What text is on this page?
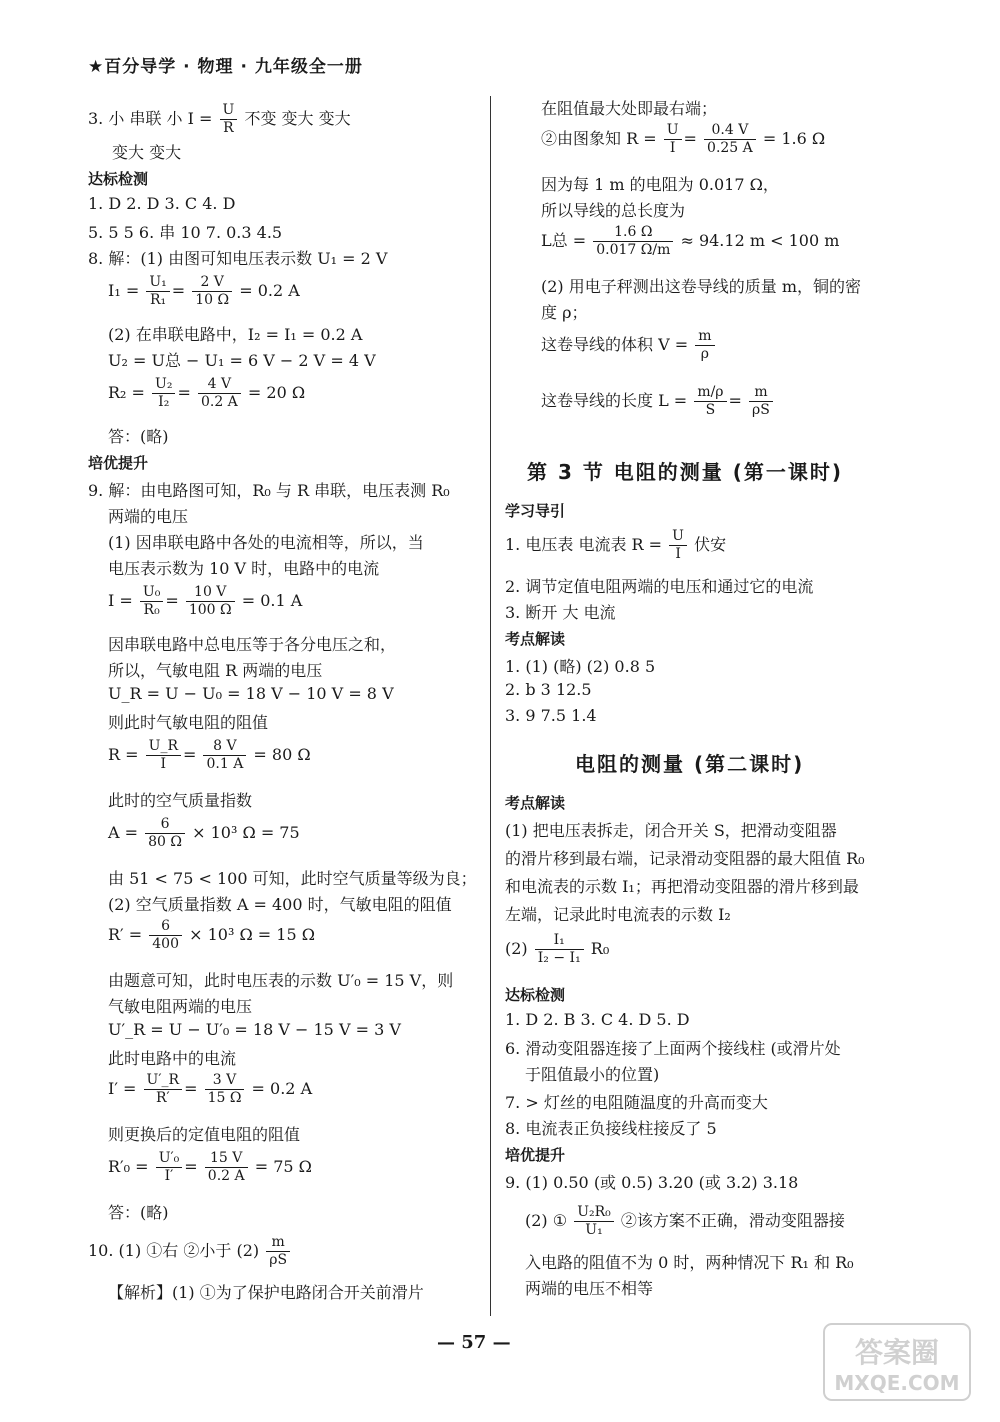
★百分导学 · 物理 · 九年级全一册
3. 小 串联 小 $I = \frac{U}{R}$ 不变 变大 变大
变大 变大
达标检测
1. D 2. D 3. C 4. D
5. 5 5 6. 串 10 7. 0.3 4.5
8. 解：(1) 由图可知电压表示数 U₁ = 2 V
$I_1 = \frac{\text{U₁}}{\text{R₁}} = \frac{2 V}{10 \Omega} = 0.2$ A
(2) 在串联电路中，I₂ = I₁ = 0.2 A
U₂ = U总 − U₁ = 6 V − 2 V = 4 V
$R_2 = \frac{\text{U₂}}{\text{I₂}} = \frac{4 V}{0.2 A} = 20$ Ω
答：(略)
培优提升
9. 解：由电路图可知，R₀ 与 R 串联，电压表测 R₀
两端的电压
(1) 因串联电路中各处的电流相等，所以，当
电压表示数为 10 V 时，电路中的电流
$I = \frac{\text{U₀}}{\text{R₀}} = \frac{10 V}{100 \Omega} = 0.1$ A
因串联电路中总电压等于各分电压之和，
所以，气敏电阻 R 两端的电压
U_R = U − U₀ = 18 V − 10 V = 8 V
则此时气敏电阻的阻值
$R = \frac{U\_R}{I} = \frac{8 V}{0.1 A} = 80$ Ω
此时的空气质量指数
$A = \frac{6}{80 \Omega} \times 10^3$ Ω = 75
由 51 < 75 < 100 可知，此时空气质量等级为良；
(2) 空气质量指数 A = 400 时，气敏电阻的阻值
$R' = \frac{6}{400} \times 10^3$ Ω = 15 Ω
由题意可知，此时电压表的示数 U′₀ = 15 V，则
气敏电阻两端的电压
U′_R = U − U′₀ = 18 V − 15 V = 3 V
此时电路中的电流
$I' = \frac{U'\_R}{R'} = \frac{3 V}{15 \Omega} = 0.2$ A
则更换后的定值电阻的阻值
$R'_0 = \frac{\text{U′₀}}{I'} = \frac{15 V}{0.2 A} = 75$ Ω
答：(略)
10. (1) ①右 ②小于 $(2) \frac{m}{\rho S}$
【解析】(1) ①为了保护电路闭合开关前滑片
在阻值最大处即最右端；
②由图象知 $R = \frac{U}{I} = \frac{0.4 V}{0.25 A} = 1.6$ Ω
因为每 1 m 的电阻为 0.017 Ω，
所以导线的总长度为
L总 = $\frac{1.6 \Omega}{0.017 \Omega/m} \approx 94.12$ m < 100 m
(2) 用电子秤测出这卷导线的质量 m，铜的密
度 ρ；
这卷导线的体积 $V = \frac{m}{\rho}$
这卷导线的长度 $L = \frac{m/\rho}{S} = \frac{m}{\rho S}$
第 3 节 电阻的测量 (第一课时)
学习导引
1. 电压表 电流表 $R = \frac{U}{I}$ 伏安
2. 调节定值电阻两端的电压和通过它的电流
3. 断开 大 电流
考点解读
1. (1) (略) (2) 0.8 5
2. b 3 12.5
3. 9 7.5 1.4
电阻的测量 (第二课时)
考点解读
(1) 把电压表拆走，闭合开关 S，把滑动变阻器
的滑片移到最右端，记录滑动变阻器的最大阻值 R₀
和电流表的示数 I₁；再把滑动变阻器的滑片移到最
左端，记录此时电流表的示数 I₂
$(2) \frac{\text{I₁}}{\text{I₂ − I₁}} R_0$
达标检测
1. D 2. B 3. C 4. D 5. D
6. 滑动变阻器连接了上面两个接线柱 (或滑片处
于阻值最小的位置)
7. > 灯丝的电阻随温度的升高而变大
8. 电流表正负接线柱接反了 5
培优提升
9. (1) 0.50 (或 0.5) 3.20 (或 3.2) 3.18
(2) ① $\frac{\text{U₂R₀}}{\text{U₁}}$ ②该方案不正确，滑动变阻器接
入电路的阻值不为 0 时，两种情况下 R₁ 和 R₀
两端的电压不相等
— 57 —	答案圈
MXQE.COM
